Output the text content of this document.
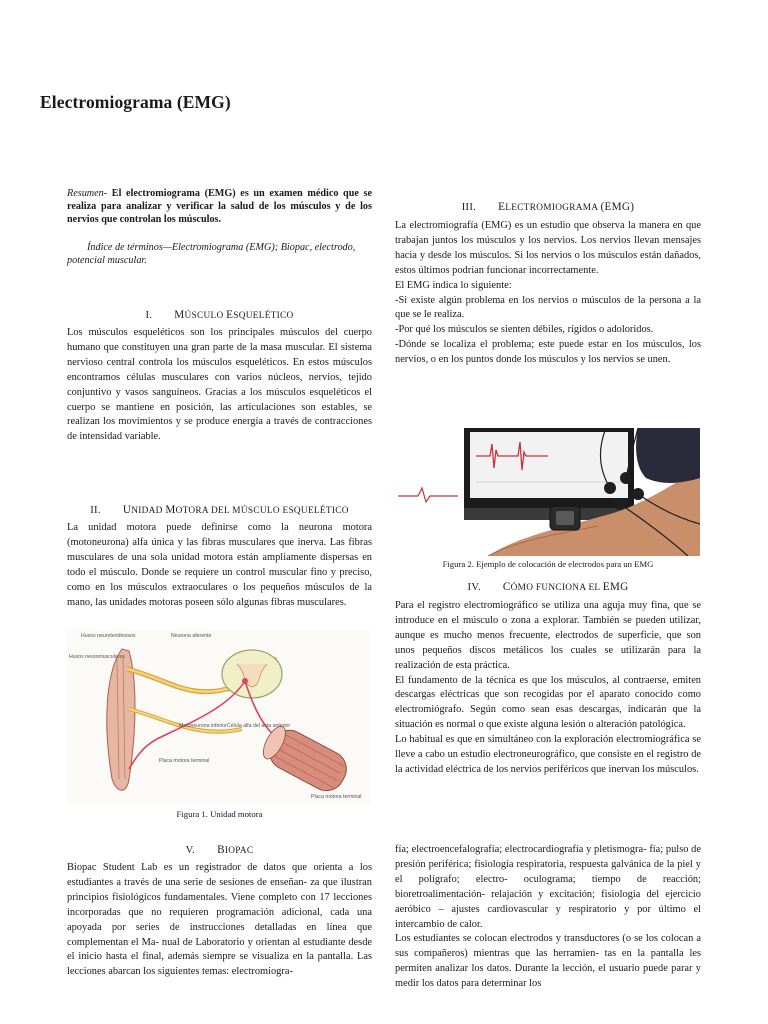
Electromiograma (EMG)
Resumen- El electromiograma (EMG) es un examen médico que se realiza para analizar y verificar la salud de los músculos y de los nervios que controlan los músculos.
Índice de términos—Electromiograma (EMG); Biopac, electrodo, potencial muscular.
I. MÚSCULO ESQUELÉTICO
Los músculos esqueléticos son los principales músculos del cuerpo humano que constituyen una gran parte de la masa muscular. El sistema nervioso central controla los músculos esqueléticos. En estos músculos encontramos células musculares con varios núcleos, nervios, tejido conjuntivo y vasos sanguíneos. Gracias a los músculos esqueléticos el cuerpo se mantiene en posición, las articulaciones son estables, se realizan los movimientos y se produce energía a través de contracciones de intensidad variable.
II. UNIDAD MOTORA DEL MÚSCULO ESQUELÉTICO
La unidad motora puede definirse como la neurona motora (motoneurona) alfa única y las fibras musculares que inerva. Las fibras musculares de una sola unidad motora están ampliamente dispersas en todo el músculo. Donde se requiere un control muscular fino y preciso, como en los músculos extraoculares o los pequeños músculos de la mano, las unidades motoras poseen sólo algunas fibras musculares.
Husos neurotendinosos
Husos neuromusculares
Neurona aferente
Motoneurona inferior Célula alfa del asta anterior
Placa motora terminal
Placa motora terminal
Figura 1. Unidad motora
V. BIOPAC
Biopac Student Lab es un registrador de datos que orienta a los estudiantes a través de una serie de sesiones de enseñan- za que ilustran principios fisiológicos fundamentales. Viene completo con 17 lecciones incorporadas que no requieren programación adicional, cada una apoyada por series de instrucciones detalladas en línea que complementan el Ma- nual de Laboratorio y orientan al estudiante desde el inicio hasta el final, además siempre se visualiza en la pantalla. Las lecciones abarcan los siguientes temas: electromiogra-
III. ELECTROMIOGRAMA (EMG)

La electromiografía (EMG) es un estudio que observa la manera en que trabajan juntos los músculos y los nervios. Los nervios llevan mensajes hacia y desde los músculos. Si los nervios o los músculos están dañados, estos últimos podrían funcionar incorrectamente.

El EMG indica lo siguiente:

-Si existe algún problema en los nervios o músculos de la persona a la que se le realiza.

-Por qué los músculos se sienten débiles, rígidos o adoloridos.

-Dónde se localiza el problema; este puede estar en los músculos, los nervios, o en los puntos donde los músculos y los nervios se unen.

Figura 2. Ejemplo de colocación de electrodos para un EMG
IV. CÓMO FUNCIONA EL EMG

Para el registro electromiográfico se utiliza una aguja muy fina, que se introduce en el músculo o zona a explorar. También se pueden utilizar, aunque es mucho menos frecuente, electrodos de superficie, que son unos pequeños discos metálicos los cuales se utilizarán para la realización de esta práctica.

El fundamento de la técnica es que los músculos, al contraerse, emiten descargas eléctricas que son recogidas por el aparato conocido como electromiógrafo. Según como sean esas descargas, indicarán que la situación es normal o que existe alguna lesión o alteración patológica.

Lo habitual es que en simultáneo con la exploración electromiográfica se lleve a cabo un estudio electroneurográfico, que consiste en el registro de la actividad eléctrica de los nervios periféricos que inervan los músculos.

fía; electroencefalografía; electrocardiografía y pletismogra- fía; pulso de presión periférica; fisiología respiratoria, respuesta galvánica de la piel y el polígrafo; electro- oculograma; tiempo de reacción; bioretroalimentación- relajación y excitación; fisiología del ejercicio aeróbico – ajustes cardiovascular y respiratorio y por último el intercambio de calor.

Los estudiantes se colocan electrodos y transductores (o se los colocan a sus compañeros) mientras que las herramien- tas en la pantalla les permiten analizar los datos. Durante la lección, el usuario puede parar y medir los datos para determinar los
